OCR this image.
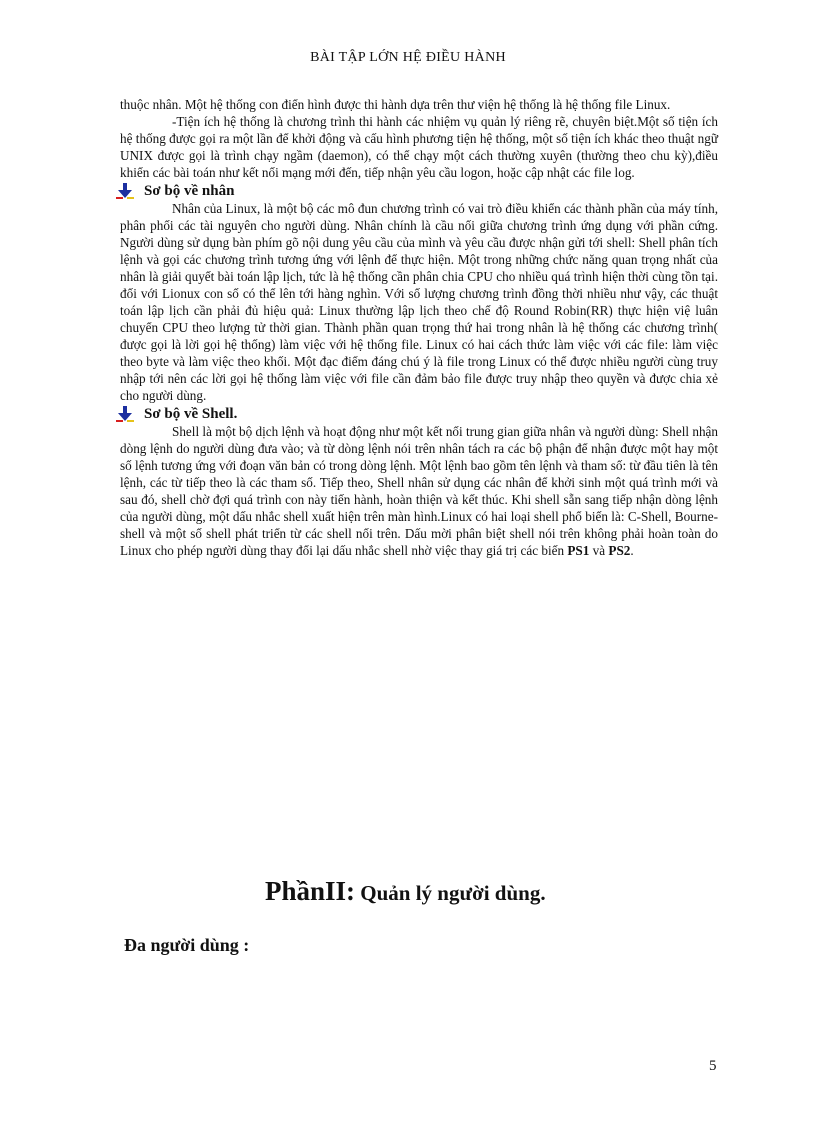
BÀI TẬP LỚN HỆ ĐIỀU HÀNH

thuộc nhân. Một hệ thống con điển hình được thi hành dựa trên thư viện hệ thống là hệ thống file Linux.

-Tiện ích hệ thống là chương trình thi hành các nhiệm vụ quản lý riêng rẽ, chuyên biệt.Một số tiện ích hệ thống được gọi ra một lần để khởi động và cấu hình phương tiện hệ thống, một số tiện ích khác theo thuật ngữ UNIX được gọi là trình chạy ngầm (daemon), có thể chạy một cách thường xuyên (thường theo chu kỳ),điều khiển các bài toán như kết nối mạng mới đến, tiếp nhận yêu cầu logon, hoặc cập nhật các file log.

Sơ bộ về nhân

Nhân của Linux, là một bộ các mô đun chương trình có vai trò điều khiển các thành phần của máy tính, phân phối các tài nguyên cho người dùng. Nhân chính là cầu nối giữa chương trình ứng dụng với phần cứng. Người dùng sử dụng bàn phím gõ nội dung yêu cầu của mình và yêu cầu được nhận gửi tới shell: Shell phân tích lệnh và gọi các chương trình tương ứng với lệnh để thực hiện. Một trong những chức năng quan trọng nhất của nhân là giải quyết bài toán lập lịch, tức là hệ thống cần phân chia CPU cho nhiều quá trình hiện thời cùng tồn tại. đối với Lionux con số có thể lên tới hàng nghìn. Với số lượng chương trình đồng thời nhiều như vậy, các thuật toán lập lịch cần phải đủ hiệu quả: Linux thường lập lịch theo chế độ Round Robin(RR) thực hiện việ luân chuyển CPU theo lượng tử thời gian. Thành phần quan trọng thứ hai trong nhân là hệ thống các chương trình( được gọi là lời gọi hệ thống) làm việc với hệ thống file. Linux có hai cách thức làm việc với các file: làm việc theo byte và làm việc theo khối. Một đạc điểm đáng chú ý là file trong Linux có thể được nhiều người cùng truy nhập tới nên các lời gọi hệ thống làm việc với file cần đảm bảo file được truy nhập theo quyền và được chia xẻ cho người dùng.

Sơ bộ về Shell.

Shell là một bộ dịch lệnh và hoạt động như một kết nối trung gian giữa nhân và người dùng: Shell nhận dòng lệnh do người dùng đưa vào; và từ dòng lệnh nói trên nhân tách ra các bộ phận để nhận được một hay một số lệnh tương ứng với đoạn văn bản có trong dòng lệnh. Một lệnh bao gồm tên lệnh và tham số: từ đầu tiên là tên lệnh, các từ tiếp theo là các tham số. Tiếp theo, Shell nhân sử dụng các nhân để khởi sinh một quá trình mới và sau đó, shell chờ đợi quá trình con này tiến hành, hoàn thiện và kết thúc. Khi shell sẵn sang tiếp nhận dòng lệnh của người dùng, một dấu nhắc shell xuất hiện trên màn hình.Linux có hai loại shell phổ biến là: C-Shell, Bourne-shell và một số shell phát triển từ các shell nối trên. Dấu mời phân biệt shell nói trên không phải hoàn toàn do Linux cho phép người dùng thay đổi lại dấu nhắc shell nhờ việc thay giá trị các biến PS1 và PS2.

PhầnII: Quản lý người dùng.
Đa người dùng :
5
